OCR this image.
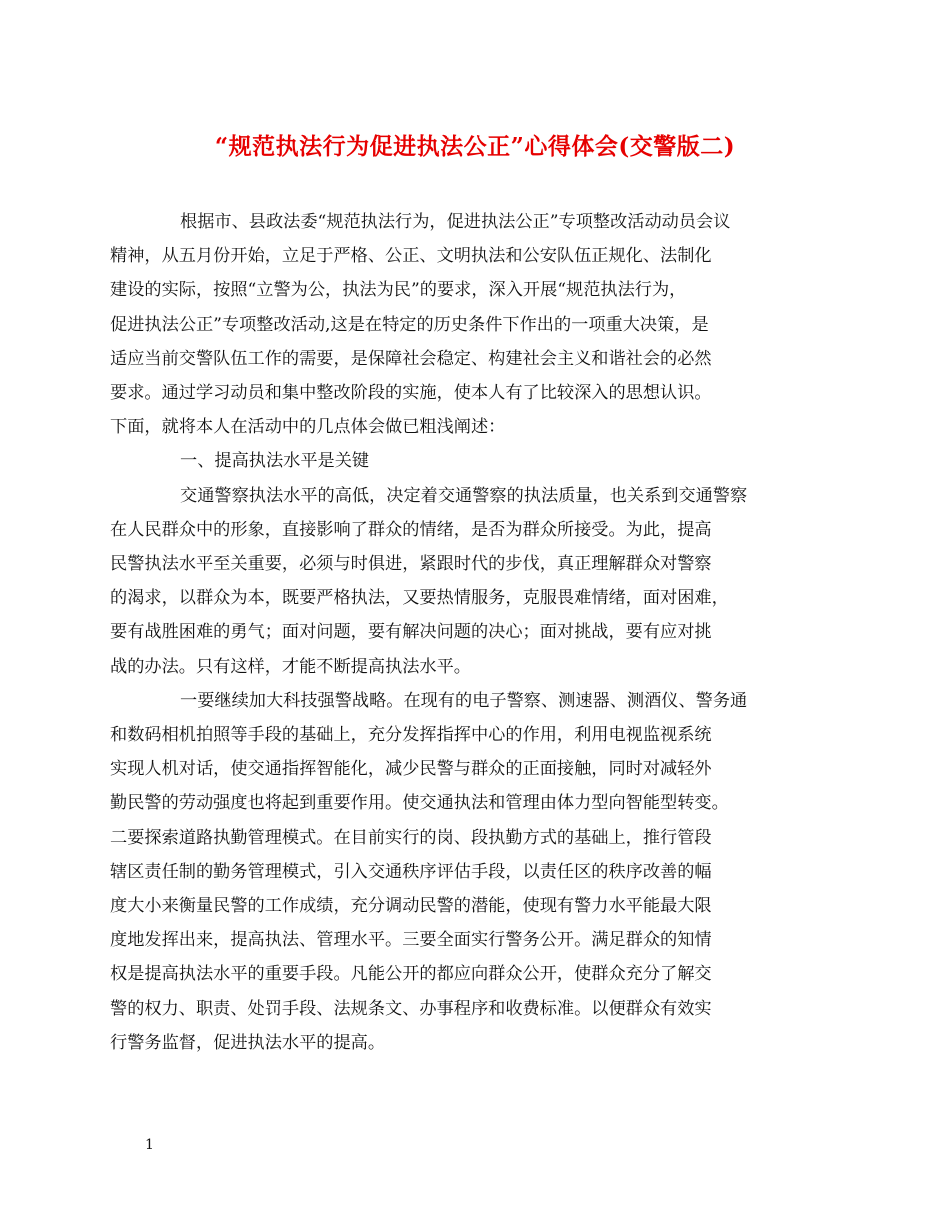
“规范执法行为促进执法公正”心得体会(交警版二)
根据市、县政法委“规范执法行为，促进执法公正”专项整改活动动员会议
精神，从五月份开始，立足于严格、公正、文明执法和公安队伍正规化、法制化
建设的实际，按照“立警为公，执法为民”的要求，深入开展“规范执法行为，
促进执法公正”专项整改活动,这是在特定的历史条件下作出的一项重大决策，是
适应当前交警队伍工作的需要，是保障社会稳定、构建社会主义和谐社会的必然
要求。通过学习动员和集中整改阶段的实施，使本人有了比较深入的思想认识。
下面，就将本人在活动中的几点体会做已粗浅阐述：
一、提高执法水平是关键
交通警察执法水平的高低，决定着交通警察的执法质量，也关系到交通警察
在人民群众中的形象，直接影响了群众的情绪，是否为群众所接受。为此，提高
民警执法水平至关重要，必须与时俱进，紧跟时代的步伐，真正理解群众对警察
的渴求，以群众为本，既要严格执法，又要热情服务，克服畏难情绪，面对困难，
要有战胜困难的勇气；面对问题，要有解决问题的决心；面对挑战，要有应对挑
战的办法。只有这样，才能不断提高执法水平。
一要继续加大科技强警战略。在现有的电子警察、测速器、测酒仪、警务通
和数码相机拍照等手段的基础上，充分发挥指挥中心的作用，利用电视监视系统
实现人机对话，使交通指挥智能化，减少民警与群众的正面接触，同时对减轻外
勤民警的劳动强度也将起到重要作用。使交通执法和管理由体力型向智能型转变。
二要探索道路执勤管理模式。在目前实行的岗、段执勤方式的基础上，推行管段
辖区责任制的勤务管理模式，引入交通秩序评估手段，以责任区的秩序改善的幅
度大小来衡量民警的工作成绩，充分调动民警的潜能，使现有警力水平能最大限
度地发挥出来，提高执法、管理水平。三要全面实行警务公开。满足群众的知情
权是提高执法水平的重要手段。凡能公开的都应向群众公开，使群众充分了解交
警的权力、职责、处罚手段、法规条文、办事程序和收费标准。以便群众有效实
行警务监督，促进执法水平的提高。
1
